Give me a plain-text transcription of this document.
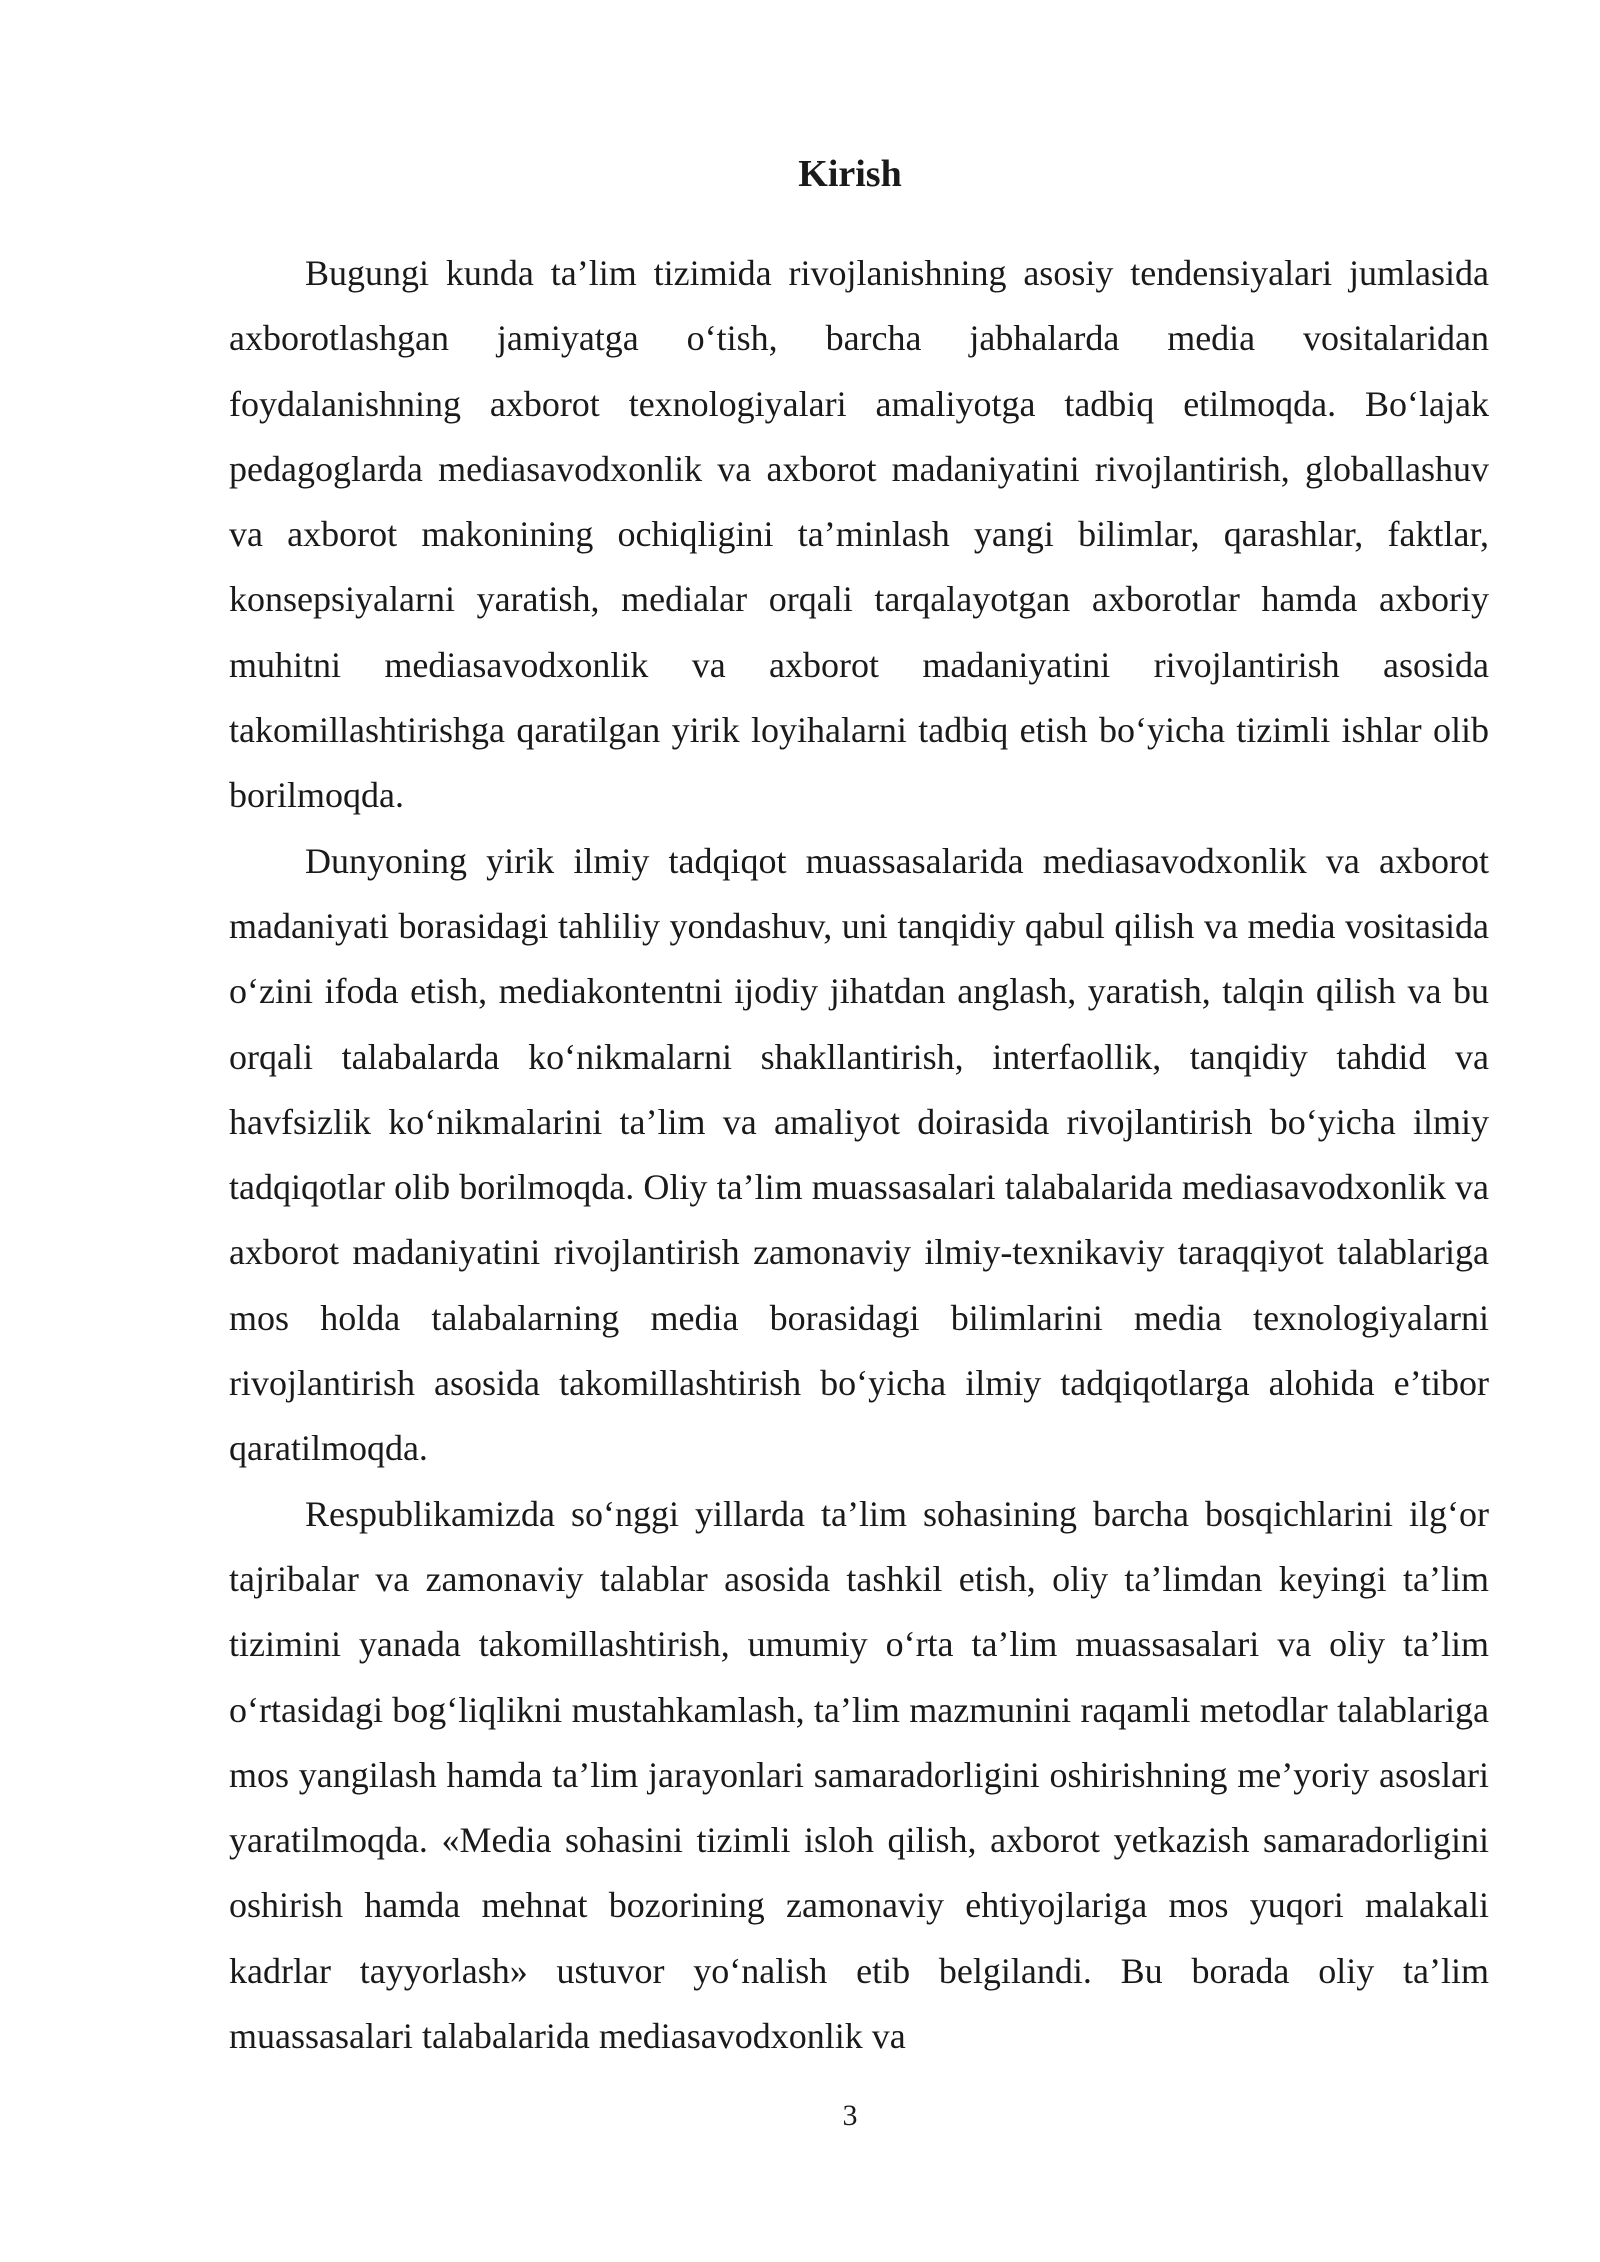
Kirish

Bugungi kunda ta’lim tizimida rivojlanishning asosiy tendensiyalari jumlasida axborotlashgan jamiyatga o‘tish, barcha jabhalarda media vositalaridan foydalanishning axborot texnologiyalari amaliyotga tadbiq etilmoqda. Bo‘lajak pedagoglarda mediasavodxonlik va axborot madaniyatini rivojlantirish, globallashuv va axborot makonining ochiqligini ta’minlash yangi bilimlar, qarashlar, faktlar, konsepsiyalarni yaratish, medialar orqali tarqalayotgan axborotlar hamda axboriy muhitni mediasavodxonlik va axborot madaniyatini rivojlantirish asosida takomillashtirishga qaratilgan yirik loyihalarni tadbiq etish bo‘yicha tizimli ishlar olib borilmoqda.

Dunyoning yirik ilmiy tadqiqot muassasalarida mediasavodxonlik va axborot madaniyati borasidagi tahliliy yondashuv, uni tanqidiy qabul qilish va media vositasida o‘zini ifoda etish, mediakontentni ijodiy jihatdan anglash, yaratish, talqin qilish va bu orqali talabalarda ko‘nikmalarni shakllantirish, interfaollik, tanqidiy tahdid va havfsizlik ko‘nikmalarini ta’lim va amaliyot doirasida rivojlantirish bo‘yicha ilmiy tadqiqotlar olib borilmoqda. Oliy ta’lim muassasalari talabalarida mediasavodxonlik va axborot madaniyatini rivojlantirish zamonaviy ilmiy-texnikaviy taraqqiyot talablariga mos holda talabalarning media borasidagi bilimlarini media texnologiyalarni rivojlantirish asosida takomillashtirish bo‘yicha ilmiy tadqiqotlarga alohida e’tibor qaratilmoqda.

Respublikamizda so‘nggi yillarda ta’lim sohasining barcha bosqichlarini ilg‘or tajribalar va zamonaviy talablar asosida tashkil etish, oliy ta’limdan keyingi ta’lim tizimini yanada takomillashtirish, umumiy o‘rta ta’lim muassasalari va oliy ta’lim o‘rtasidagi bog‘liqlikni mustahkamlash, ta’lim mazmunini raqamli metodlar talablariga mos yangilash hamda ta’lim jarayonlari samaradorligini oshirishning me’yoriy asoslari yaratilmoqda. «Media sohasini tizimli isloh qilish, axborot yetkazish samaradorligini oshirish hamda mehnat bozorining zamonaviy ehtiyojlariga mos yuqori malakali kadrlar tayyorlash» ustuvor yo‘nalish etib belgilandi. Bu borada oliy ta’lim muassasalari talabalarida mediasavodxonlik va

3
